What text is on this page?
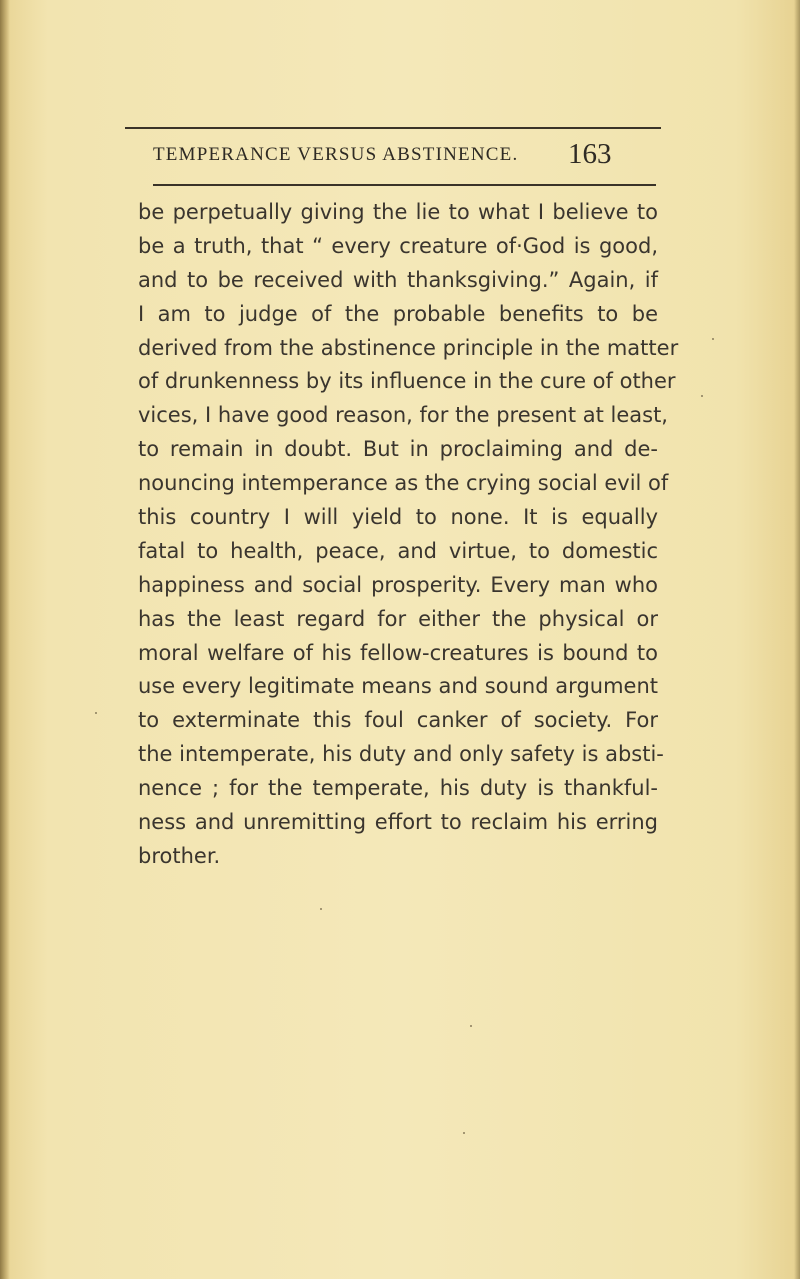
TEMPERANCE VERSUS ABSTINENCE. 163
be perpetually giving the lie to what I believe to
be a truth, that “ every creature of·God is good,
and to be received with thanksgiving.” Again, if
I am to judge of the probable benefits to be
derived from the abstinence principle in the matter
of drunkenness by its influence in the cure of other
vices, I have good reason, for the present at least,
to remain in doubt. But in proclaiming and de-
nouncing intemperance as the crying social evil of
this country I will yield to none. It is equally
fatal to health, peace, and virtue, to domestic
happiness and social prosperity. Every man who
has the least regard for either the physical or
moral welfare of his fellow-creatures is bound to
use every legitimate means and sound argument
to exterminate this foul canker of society. For
the intemperate, his duty and only safety is absti-
nence ; for the temperate, his duty is thankful-
ness and unremitting effort to reclaim his erring
brother.
